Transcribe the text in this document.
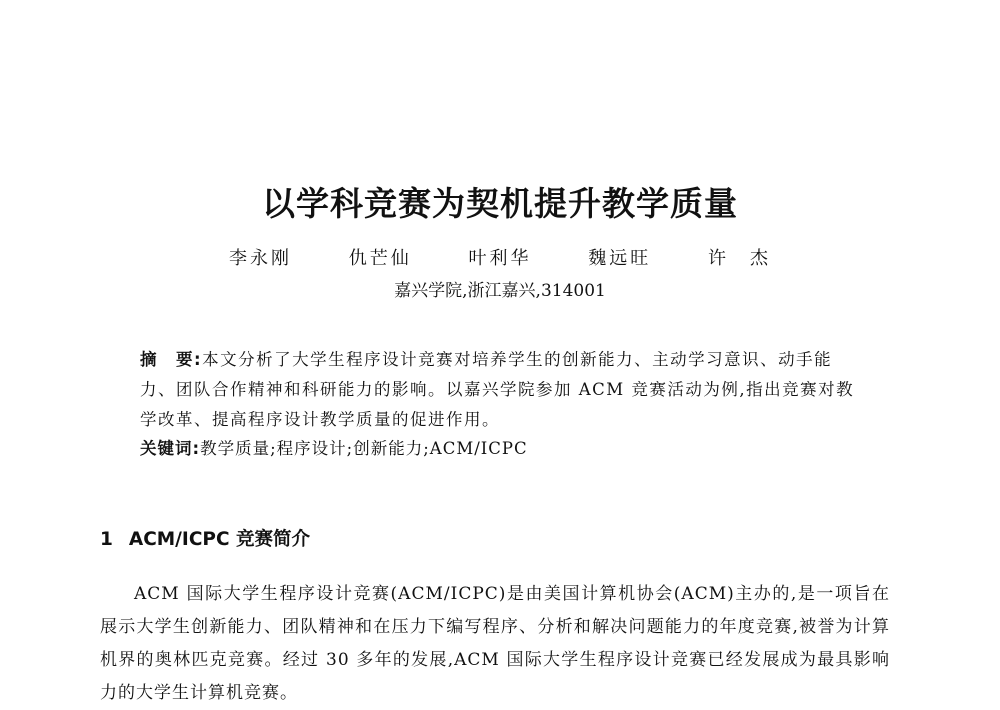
以学科竞赛为契机提升教学质量
李永刚	仇芒仙	叶利华	魏远旺	许　杰
嘉兴学院,浙江嘉兴,314001
摘　要:本文分析了大学生程序设计竞赛对培养学生的创新能力、主动学习意识、动手能力、团队合作精神和科研能力的影响。以嘉兴学院参加 ACM 竞赛活动为例,指出竞赛对教学改革、提高程序设计教学质量的促进作用。
关键词:教学质量;程序设计;创新能力;ACM/ICPC
1 ACM/ICPC 竞赛简介
ACM 国际大学生程序设计竞赛(ACM/ICPC)是由美国计算机协会(ACM)主办的,是一项旨在展示大学生创新能力、团队精神和在压力下编写程序、分析和解决问题能力的年度竞赛,被誉为计算机界的奥林匹克竞赛。经过 30 多年的发展,ACM 国际大学生程序设计竞赛已经发展成为最具影响力的大学生计算机竞赛。
